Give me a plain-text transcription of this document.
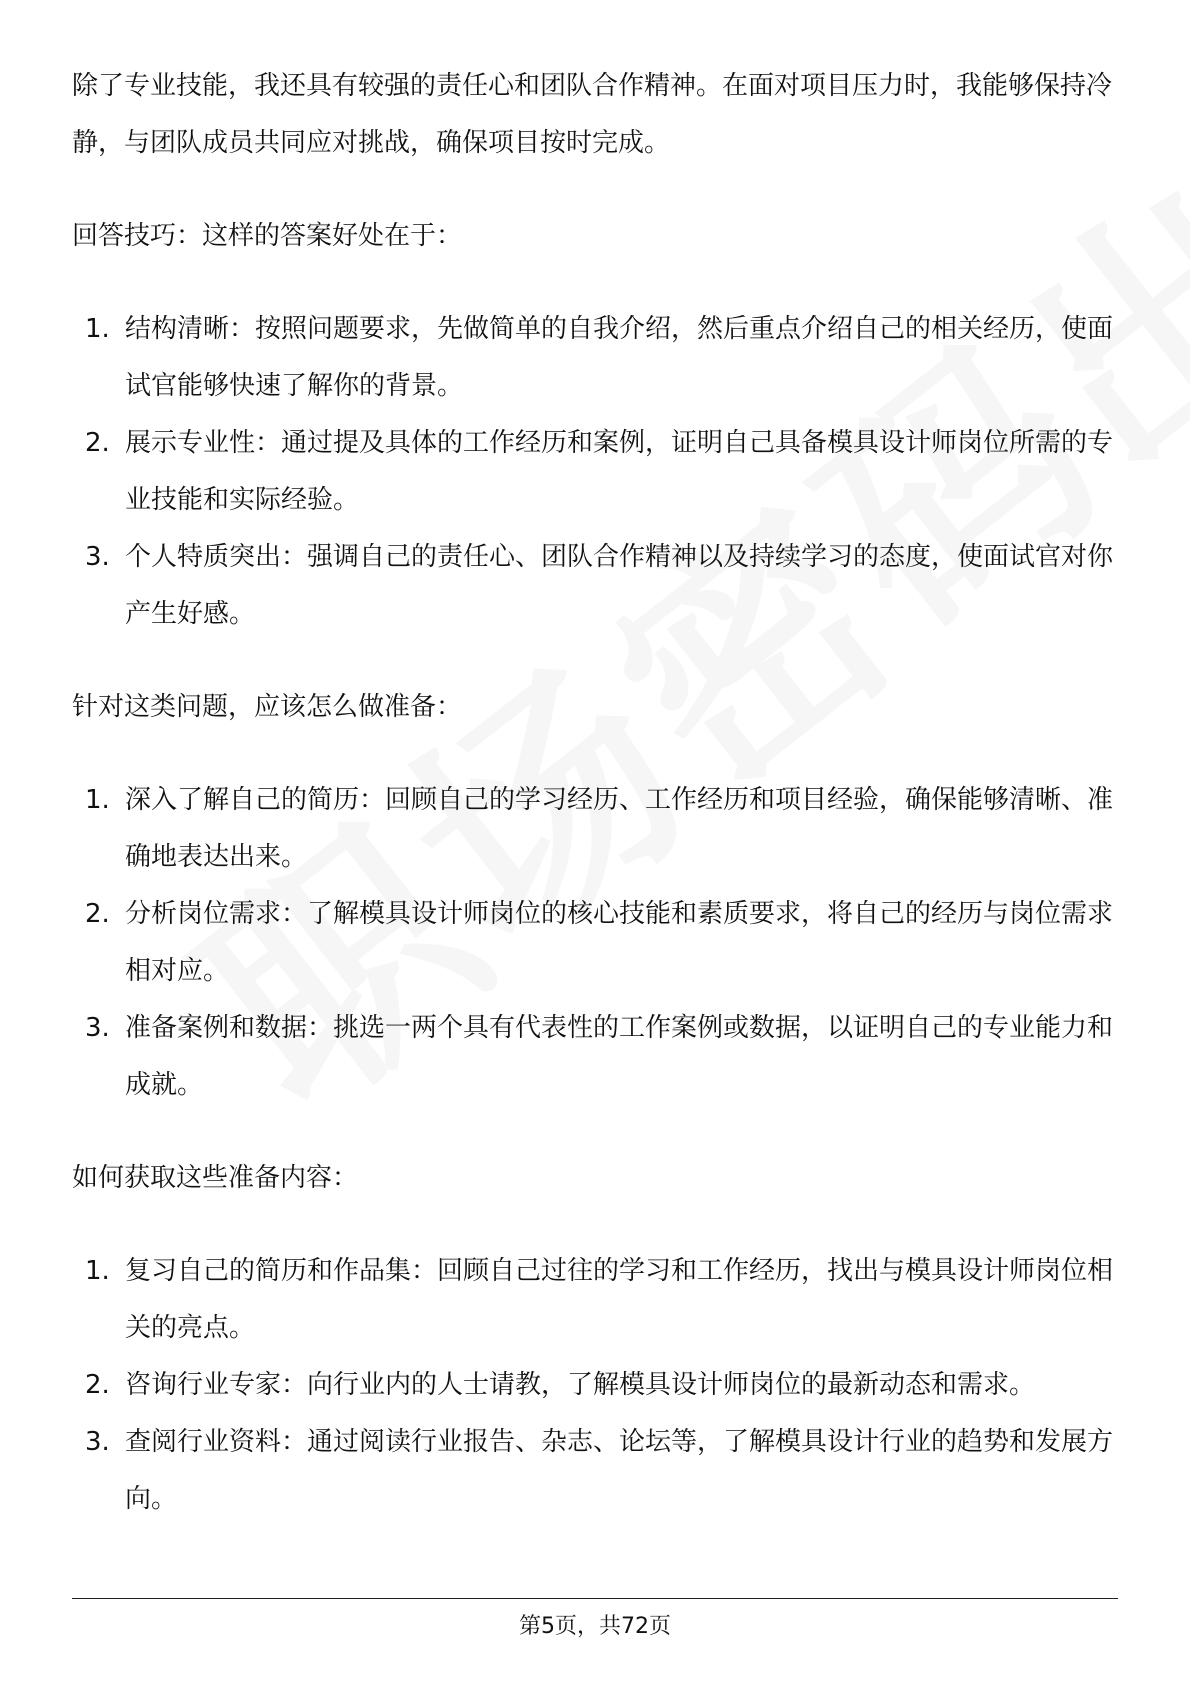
除了专业技能，我还具有较强的责任心和团队合作精神。在面对项目压力时，我能够保持冷静，与团队成员共同应对挑战，确保项目按时完成。

回答技巧：这样的答案好处在于：

1. 结构清晰：按照问题要求，先做简单的自我介绍，然后重点介绍自己的相关经历，使面试官能够快速了解你的背景。
2. 展示专业性：通过提及具体的工作经历和案例，证明自己具备模具设计师岗位所需的专业技能和实际经验。
3. 个人特质突出：强调自己的责任心、团队合作精神以及持续学习的态度，使面试官对你产生好感。

针对这类问题，应该怎么做准备：

1. 深入了解自己的简历：回顾自己的学习经历、工作经历和项目经验，确保能够清晰、准确地表达出来。
2. 分析岗位需求：了解模具设计师岗位的核心技能和素质要求，将自己的经历与岗位需求相对应。
3. 准备案例和数据：挑选一两个具有代表性的工作案例或数据，以证明自己的专业能力和成就。

如何获取这些准备内容：

1. 复习自己的简历和作品集：回顾自己过往的学习和工作经历，找出与模具设计师岗位相关的亮点。
2. 咨询行业专家：向行业内的人士请教，了解模具设计师岗位的最新动态和需求。
3. 查阅行业资料：通过阅读行业报告、杂志、论坛等，了解模具设计行业的趋势和发展方向。
第5页，共72页
